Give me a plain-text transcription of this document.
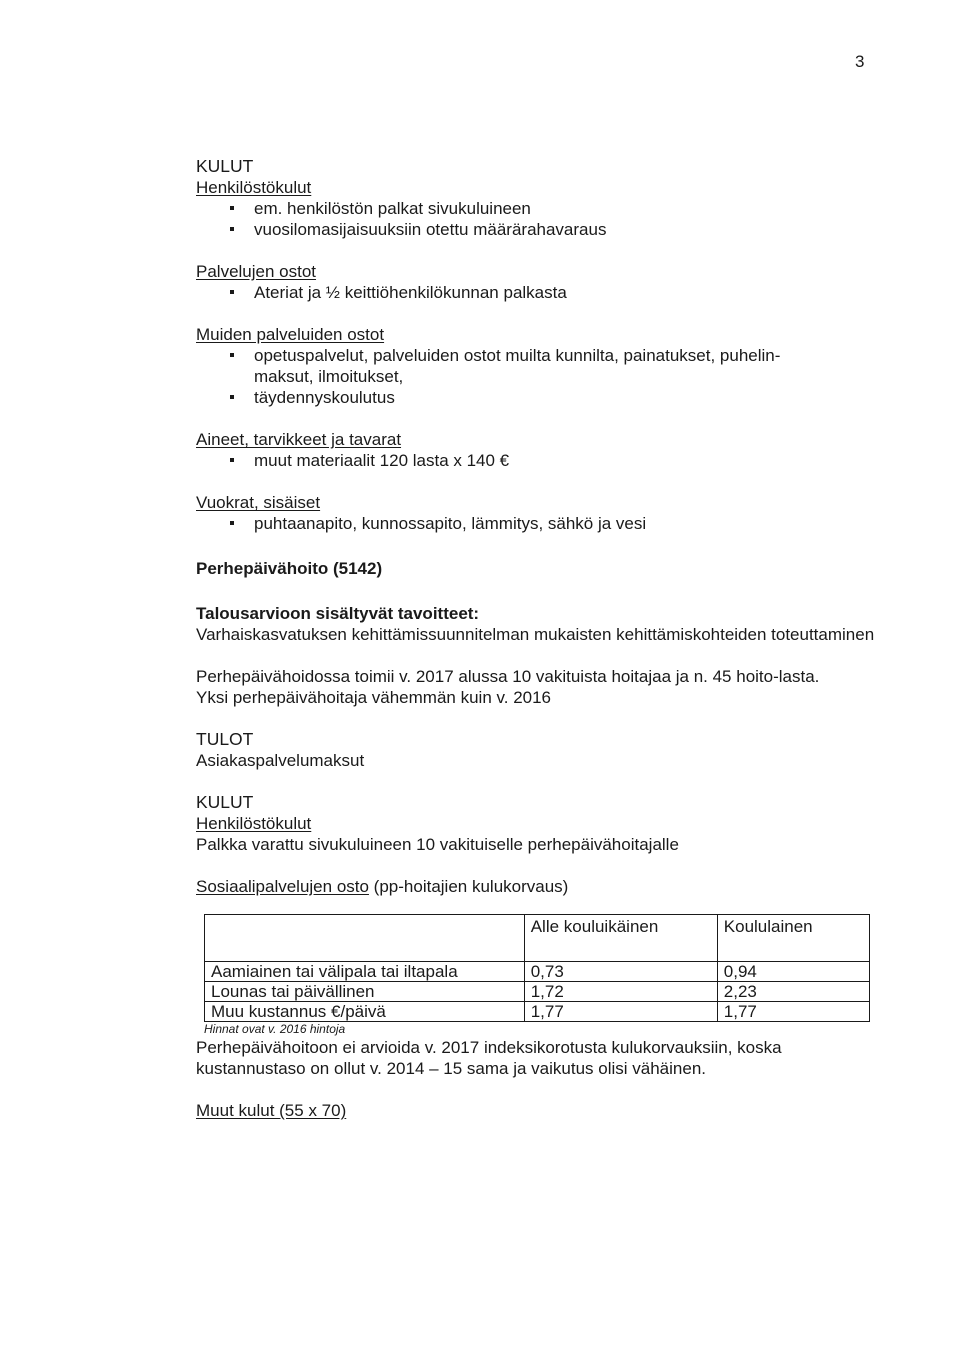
3

KULUT

Henkilöstökulut

em. henkilöstön palkat sivukuluineen
vuosilomasijaisuuksiin otettu määrärahavaraus

Palvelujen ostot

Ateriat ja ½ keittiöhenkilökunnan palkasta

Muiden palveluiden ostot

opetuspalvelut, palveluiden ostot muilta kunnilta, painatukset, puhelin-maksut, ilmoitukset,
täydennyskoulutus

Aineet, tarvikkeet ja tavarat

muut materiaalit 120 lasta x 140 €

Vuokrat, sisäiset

puhtaanapito, kunnossapito, lämmitys, sähkö ja vesi

Perhepäivähoito (5142)

Talousarvioon sisältyvät tavoitteet:

Varhaiskasvatuksen kehittämissuunnitelman mukaisten kehittämiskohteiden toteuttaminen

Perhepäivähoidossa toimii v. 2017 alussa 10 vakituista hoitajaa ja n. 45 hoito-lasta.

Yksi perhepäivähoitaja vähemmän kuin v. 2016

TULOT

Asiakaspalvelumaksut

KULUT

Henkilöstökulut

Palkka varattu sivukuluineen 10 vakituiselle perhepäivähoitajalle

Sosiaalipalvelujen osto (pp-hoitajien kulukorvaus)

	Alle kouluikäinen	Koululainen
Aamiainen tai välipala tai iltapala	0,73	0,94
Lounas tai päivällinen	1,72	2,23
Muu kustannus €/päivä	1,77	1,77

Hinnat ovat v. 2016 hintoja

Perhepäivähoitoon ei arvioida v. 2017 indeksikorotusta kulukorvauksiin, koska kustannustaso on ollut v. 2014 – 15 sama ja vaikutus olisi vähäinen.

Muut kulut (55 x 70)
